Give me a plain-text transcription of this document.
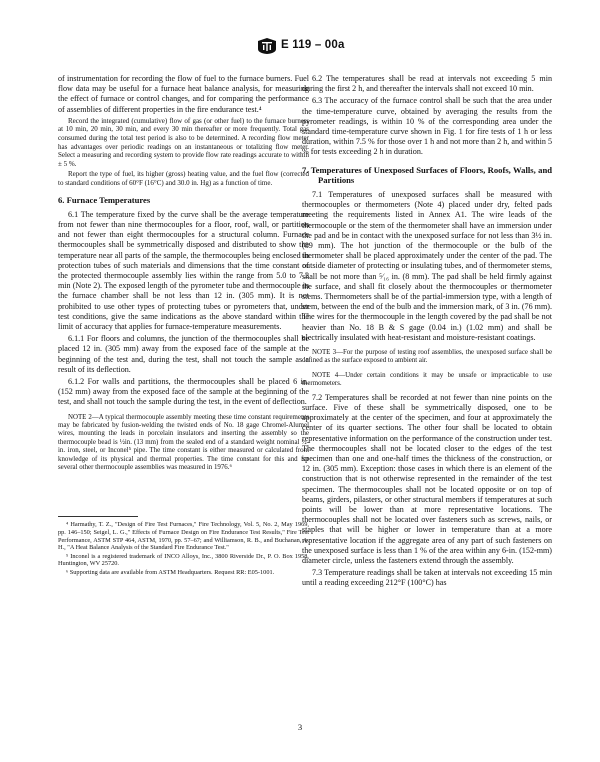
E 119 – 00a

of instrumentation for recording the flow of fuel to the furnace burners. Fuel flow data may be useful for a furnace heat balance analysis, for measuring the effect of furnace or control changes, and for comparing the performance of assemblies of different properties in the fire endurance test.⁴

Record the integrated (cumulative) flow of gas (or other fuel) to the furnace burners at 10 min, 20 min, 30 min, and every 30 min thereafter or more frequently. Total gas consumed during the total test period is also to be determined. A recording flow meter has advantages over periodic readings on an instantaneous or totalizing flow meter. Select a measuring and recording system to provide flow rate readings accurate to within ± 5 %.

Report the type of fuel, its higher (gross) heating value, and the fuel flow (corrected to standard conditions of 60°F (16°C) and 30.0 in. Hg) as a function of time.

6. Furnace Temperatures

6.1 The temperature fixed by the curve shall be the average temperature from not fewer than nine thermocouples for a floor, roof, wall, or partition and not fewer than eight thermocouples for a structural column. Furnace thermocouples shall be symmetrically disposed and distributed to show the temperature near all parts of the sample, the thermocouples being enclosed in protection tubes of such materials and dimensions that the time constant of the protected thermocouple assembly lies within the range from 5.0 to 7.2 min (Note 2). The exposed length of the pyrometer tube and thermocouple in the furnace chamber shall be not less than 12 in. (305 mm). It is not prohibited to use other types of protecting tubes or pyrometers that, under test conditions, give the same indications as the above standard within the limit of accuracy that applies for furnace-temperature measurements.

6.1.1 For floors and columns, the junction of the thermocouples shall be placed 12 in. (305 mm) away from the exposed face of the sample at the beginning of the test and, during the test, shall not touch the sample as a result of its deflection.

6.1.2 For walls and partitions, the thermocouples shall be placed 6 in. (152 mm) away from the exposed face of the sample at the beginning of the test, and shall not touch the sample during the test, in the event of deflection.

NOTE 2—A typical thermocouple assembly meeting these time constant requirements may be fabricated by fusion-welding the twisted ends of No. 18 gage Chromel-Alumel wires, mounting the leads in porcelain insulators and inserting the assembly so the thermocouple bead is ½in. (13 mm) from the sealed end of a standard weight nominal ½-in. iron, steel, or Inconel⁵ pipe. The time constant is either measured or calculated from knowledge of its physical and thermal properties. The time constant for this and for several other thermocouple assemblies was measured in 1976.⁶

⁴ Harmathy, T. Z., "Design of Fire Test Furnaces," Fire Technology, Vol. 5, No. 2, May 1969, pp. 146–150; Seigel, L. G.," Effects of Furnace Design on Fire Endurance Test Results," Fire Test Performance, ASTM STP 464, ASTM, 1970, pp. 57–67; and Williamson, R. B., and Buchanan, A. H., "A Heat Balance Analysis of the Standard Fire Endurance Test."

⁵ Inconel is a registered trademark of INCO Alloys, Inc., 3800 Riverside Dr., P. O. Box 1958, Huntington, WV 25720.

⁶ Supporting data are available from ASTM Headquarters. Request RR: E05-1001.

6.2 The temperatures shall be read at intervals not exceeding 5 min during the first 2 h, and thereafter the intervals shall not exceed 10 min.

6.3 The accuracy of the furnace control shall be such that the area under the time-temperature curve, obtained by averaging the results from the pyrometer readings, is within 10 % of the corresponding area under the standard time-temperature curve shown in Fig. 1 for fire tests of 1 h or less duration, within 7.5 % for those over 1 h and not more than 2 h, and within 5 % for tests exceeding 2 h in duration.

7. Temperatures of Unexposed Surfaces of Floors, Roofs, Walls, and Partitions

7.1 Temperatures of unexposed surfaces shall be measured with thermocouples or thermometers (Note 4) placed under dry, felted pads meeting the requirements listed in Annex A1. The wire leads of the thermocouple or the stem of the thermometer shall have an immersion under the pad and be in contact with the unexposed surface for not less than 3½ in. (89 mm). The hot junction of the thermocouple or the bulb of the thermometer shall be placed approximately under the center of the pad. The outside diameter of protecting or insulating tubes, and of thermometer stems, shall be not more than ⁵⁄₁₆ in. (8 mm). The pad shall be held firmly against the surface, and shall fit closely about the thermocouples or thermometer stems. Thermometers shall be of the partial-immersion type, with a length of stem, between the end of the bulb and the immersion mark, of 3 in. (76 mm). The wires for the thermocouple in the length covered by the pad shall be not heavier than No. 18 B & S gage (0.04 in.) (1.02 mm) and shall be electrically insulated with heat-resistant and moisture-resistant coatings.

NOTE 3—For the purpose of testing roof assemblies, the unexposed surface shall be defined as the surface exposed to ambient air.

NOTE 4—Under certain conditions it may be unsafe or impracticable to use thermometers.

7.2 Temperatures shall be recorded at not fewer than nine points on the surface. Five of these shall be symmetrically disposed, one to be approximately at the center of the specimen, and four at approximately the center of its quarter sections. The other four shall be located to obtain representative information on the performance of the construction under test. The thermocouples shall not be located closer to the edges of the test specimen than one and one-half times the thickness of the construction, or 12 in. (305 mm). Exception: those cases in which there is an element of the construction that is not otherwise represented in the remainder of the test specimen. The thermocouples shall not be located opposite or on top of beams, girders, pilasters, or other structural members if temperatures at such points will be lower than at more representative locations. The thermocouples shall not be located over fasteners such as screws, nails, or staples that will be higher or lower in temperature than at a more representative location if the aggregate area of any part of such fasteners on the unexposed surface is less than 1 % of the area within any 6-in. (152-mm) diameter circle, unless the fasteners extend through the assembly.

7.3 Temperature readings shall be taken at intervals not exceeding 15 min until a reading exceeding 212°F (100°C) has

3
